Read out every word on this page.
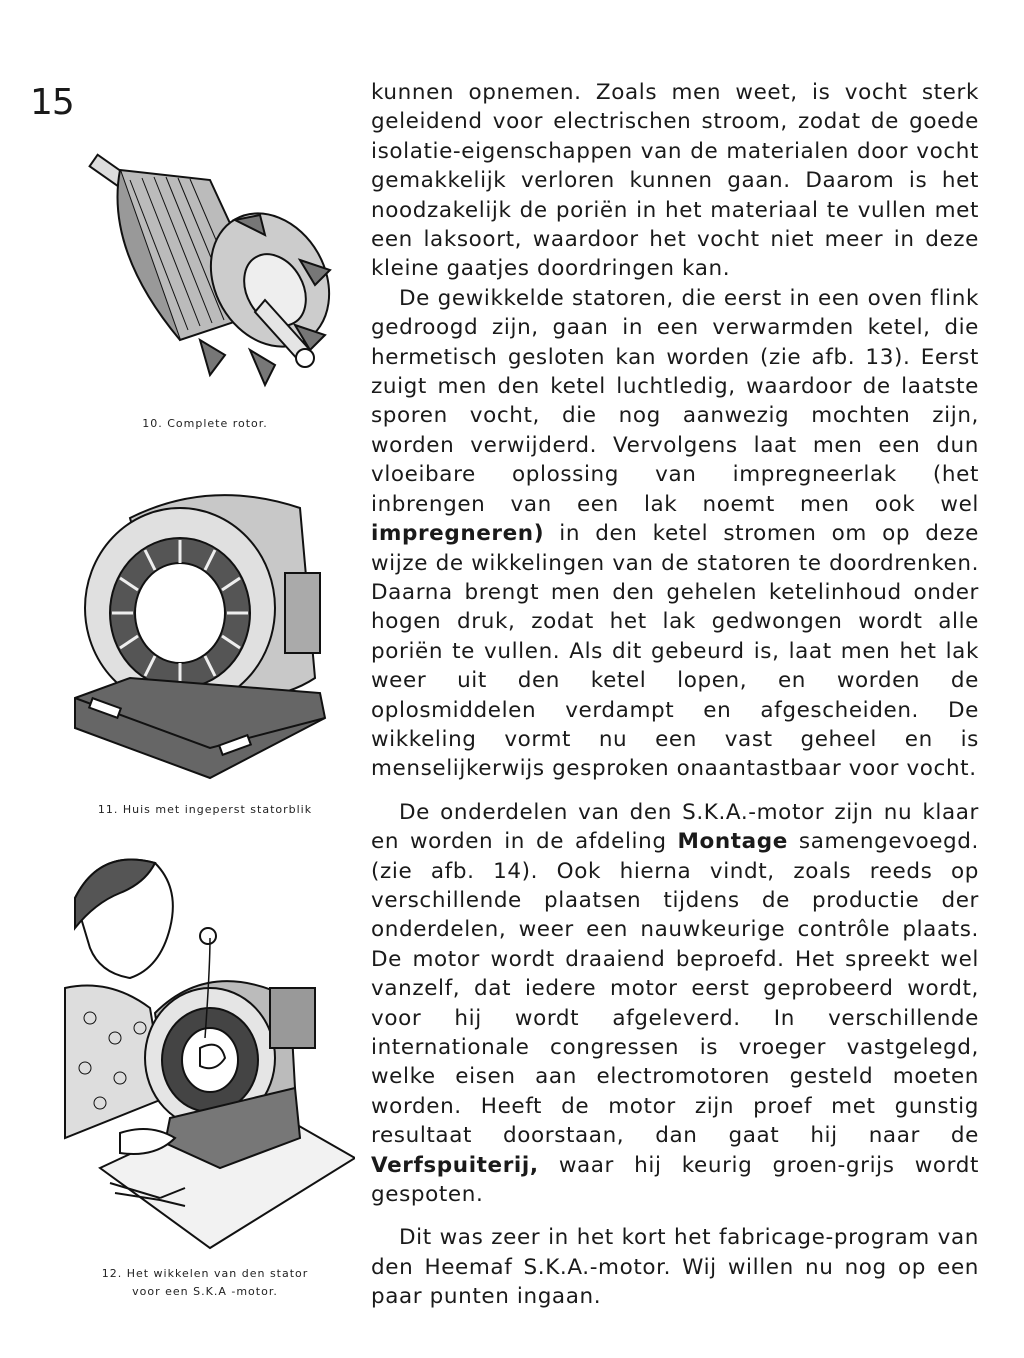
15
10. Complete rotor.
11. Huis met ingeperst statorblik
12. Het wikkelen van den stator
voor een S.K.A -motor.

kunnen opnemen. Zoals men weet, is vocht sterk geleidend voor electrischen stroom, zodat de goede isolatie-eigenschappen van de materialen door vocht gemakkelijk verloren kunnen gaan. Daarom is het noodzakelijk de poriën in het materiaal te vullen met een laksoort, waardoor het vocht niet meer in deze kleine gaatjes doordringen kan.

De gewikkelde statoren, die eerst in een oven flink gedroogd zijn, gaan in een verwarmden ketel, die hermetisch gesloten kan worden (zie afb. 13). Eerst zuigt men den ketel luchtledig, waardoor de laatste sporen vocht, die nog aanwezig mochten zijn, worden verwijderd. Vervolgens laat men een dun vloeibare oplossing van impregneerlak (het inbrengen van een lak noemt men ook wel impregneren) in den ketel stromen om op deze wijze de wikkelingen van de statoren te doordrenken. Daarna brengt men den gehelen ketelinhoud onder hogen druk, zodat het lak gedwongen wordt alle poriën te vullen. Als dit gebeurd is, laat men het lak weer uit den ketel lopen, en worden de oplosmiddelen verdampt en afgescheiden. De wikkeling vormt nu een vast geheel en is menselijkerwijs gesproken onaantastbaar voor vocht.

De onderdelen van den S.K.A.-motor zijn nu klaar en worden in de afdeling Montage samengevoegd. (zie afb. 14). Ook hierna vindt, zoals reeds op verschillende plaatsen tijdens de productie der onderdelen, weer een nauwkeurige contrôle plaats. De motor wordt draaiend beproefd. Het spreekt wel vanzelf, dat iedere motor eerst geprobeerd wordt, voor hij wordt afgeleverd. In verschillende internationale congressen is vroeger vastgelegd, welke eisen aan electromotoren gesteld moeten worden. Heeft de motor zijn proef met gunstig resultaat doorstaan, dan gaat hij naar de Verfspuiterij, waar hij keurig groen-grijs wordt gespoten.

Dit was zeer in het kort het fabricage-program van den Heemaf S.K.A.-motor. Wij willen nu nog op een paar punten ingaan.
